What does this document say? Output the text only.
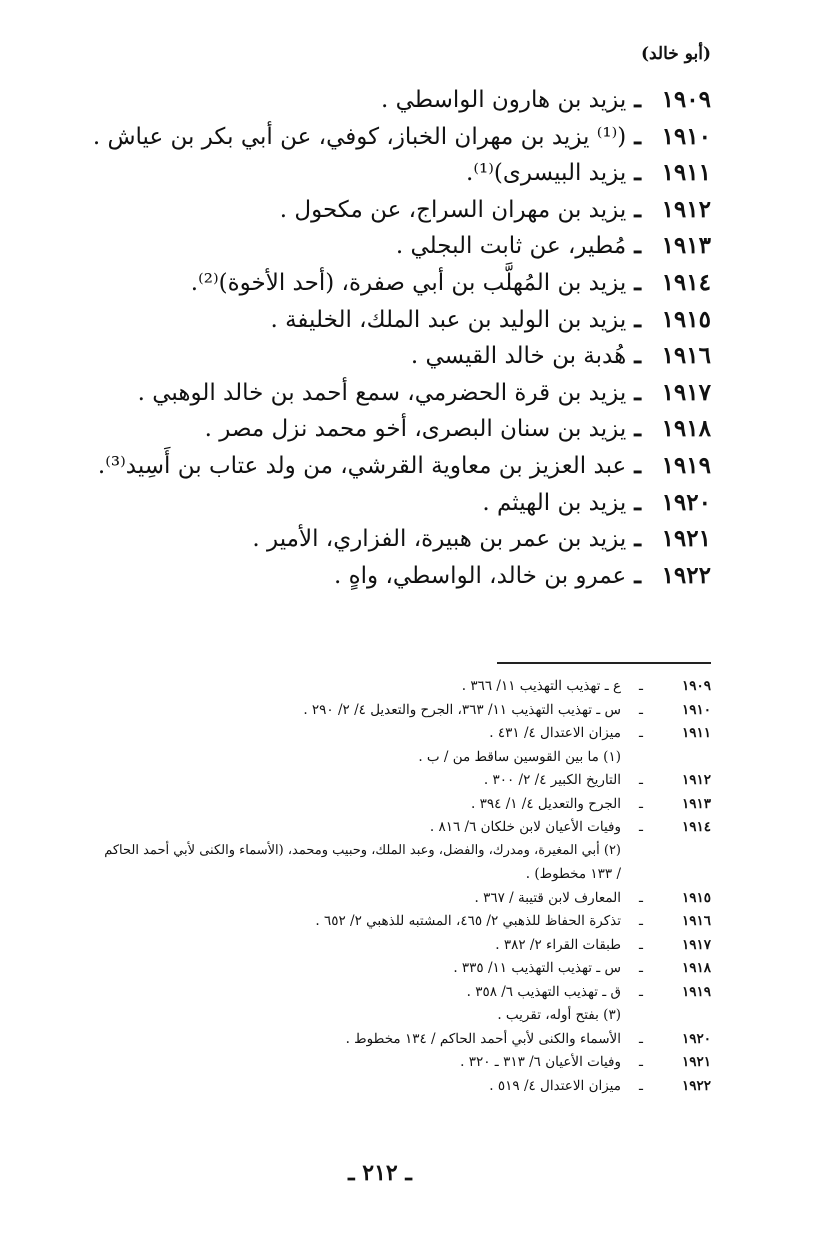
(أبو خالد)
١٩٠٩
ـ
يزيد بن هارون الواسطي .
١٩١٠
ـ
(⁽¹⁾ يزيد بن مهران الخباز، كوفي، عن أبي بكر بن عياش .
١٩١١
ـ
يزيد البيسرى)⁽¹⁾.
١٩١٢
ـ
يزيد بن مهران السراج، عن مكحول .
١٩١٣
ـ
مُطير، عن ثابت البجلي .
١٩١٤
ـ
يزيد بن المُهلَّب بن أبي صفرة، (أحد الأخوة)⁽²⁾.
١٩١٥
ـ
يزيد بن الوليد بن عبد الملك، الخليفة .
١٩١٦
ـ
هُدبة بن خالد القيسي .
١٩١٧
ـ
يزيد بن قرة الحضرمي، سمع أحمد بن خالد الوهبي .
١٩١٨
ـ
يزيد بن سنان البصرى، أخو محمد نزل مصر .
١٩١٩
ـ
عبد العزيز بن معاوية القرشي، من ولد عتاب بن أَسِيد⁽³⁾.
١٩٢٠
ـ
يزيد بن الهيثم .
١٩٢١
ـ
يزيد بن عمر بن هبيرة، الفزاري، الأمير .
١٩٢٢
ـ
عمرو بن خالد، الواسطي، واهٍ .
١٩٠٩
ـ
ع ـ تهذيب التهذيب ١١/ ٣٦٦ .
١٩١٠
ـ
س ـ تهذيب التهذيب ١١/ ٣٦٣، الجرح والتعديل ٤/ ٢/ ٢٩٠ .
١٩١١
ـ
ميزان الاعتدال ٤/ ٤٣١ .
(١) ما بين القوسين ساقط من / ب .
١٩١٢
ـ
التاريخ الكبير ٤/ ٢/ ٣٠٠ .
١٩١٣
ـ
الجرح والتعديل ٤/ ١/ ٣٩٤ .
١٩١٤
ـ
وفيات الأعيان لابن خلكان ٦/ ٨١٦ .
(٢) أبي المغيرة، ومدرك، والفضل، وعبد الملك، وحبيب ومحمد، (الأسماء والكنى لأبي أحمد الحاكم
/ ١٣٣ مخطوط) .
١٩١٥
ـ
المعارف لابن قتيبة / ٣٦٧ .
١٩١٦
ـ
تذكرة الحفاظ للذهبي ٢/ ٤٦٥، المشتبه للذهبي ٢/ ٦٥٢ .
١٩١٧
ـ
طبقات القراء ٢/ ٣٨٢ .
١٩١٨
ـ
س ـ تهذيب التهذيب ١١/ ٣٣٥ .
١٩١٩
ـ
ق ـ تهذيب التهذيب ٦/ ٣٥٨ .
(٣) بفتح أوله، تقريب .
١٩٢٠
ـ
الأسماء والكنى لأبي أحمد الحاكم / ١٣٤ مخطوط .
١٩٢١
ـ
وفيات الأعيان ٦/ ٣١٣ ـ ٣٢٠ .
١٩٢٢
ـ
ميزان الاعتدال ٤/ ٥١٩ .
ـ ٢١٢ ـ
